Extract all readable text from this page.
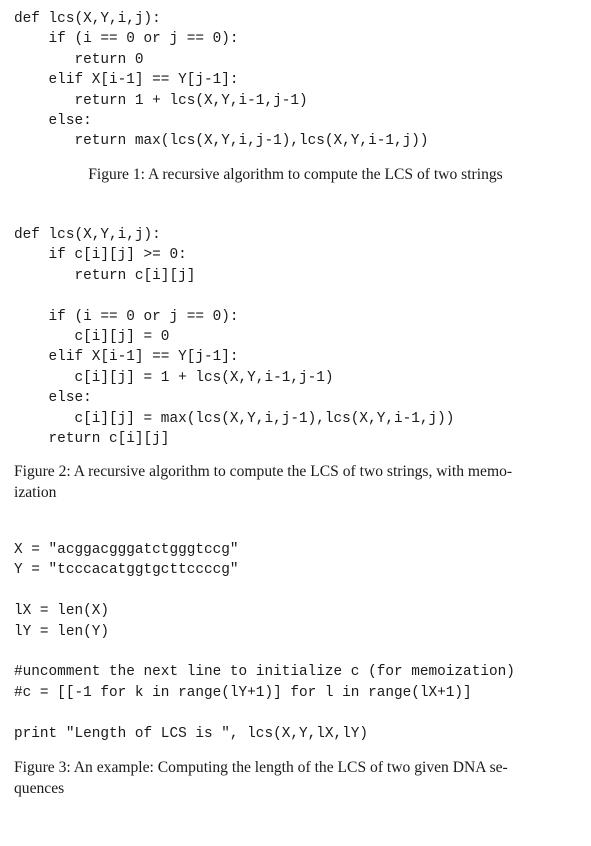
def lcs(X,Y,i,j):
if (i == 0 or j == 0):
return 0
elif X[i-1] == Y[j-1]:
return 1 + lcs(X,Y,i-1,j-1)
else:
return max(lcs(X,Y,i,j-1),lcs(X,Y,i-1,j))
Figure 1: A recursive algorithm to compute the LCS of two strings
def lcs(X,Y,i,j):
if c[i][j] >= 0:
return c[i][j]
if (i == 0 or j == 0):
c[i][j] = 0
elif X[i-1] == Y[j-1]:
c[i][j] = 1 + lcs(X,Y,i-1,j-1)
else:
c[i][j] = max(lcs(X,Y,i,j-1),lcs(X,Y,i-1,j))
return c[i][j]
Figure 2: A recursive algorithm to compute the LCS of two strings, with memo-
ization
X = "acggacgggatctgggtccg"
Y = "tcccacatggtgcttccccg"
lX = len(X)
lY = len(Y)
#uncomment the next line to initialize c (for memoization)
#c = [[-1 for k in range(lY+1)] for l in range(lX+1)]
print "Length of LCS is ", lcs(X,Y,lX,lY)
Figure 3: An example: Computing the length of the LCS of two given DNA se-
quences
